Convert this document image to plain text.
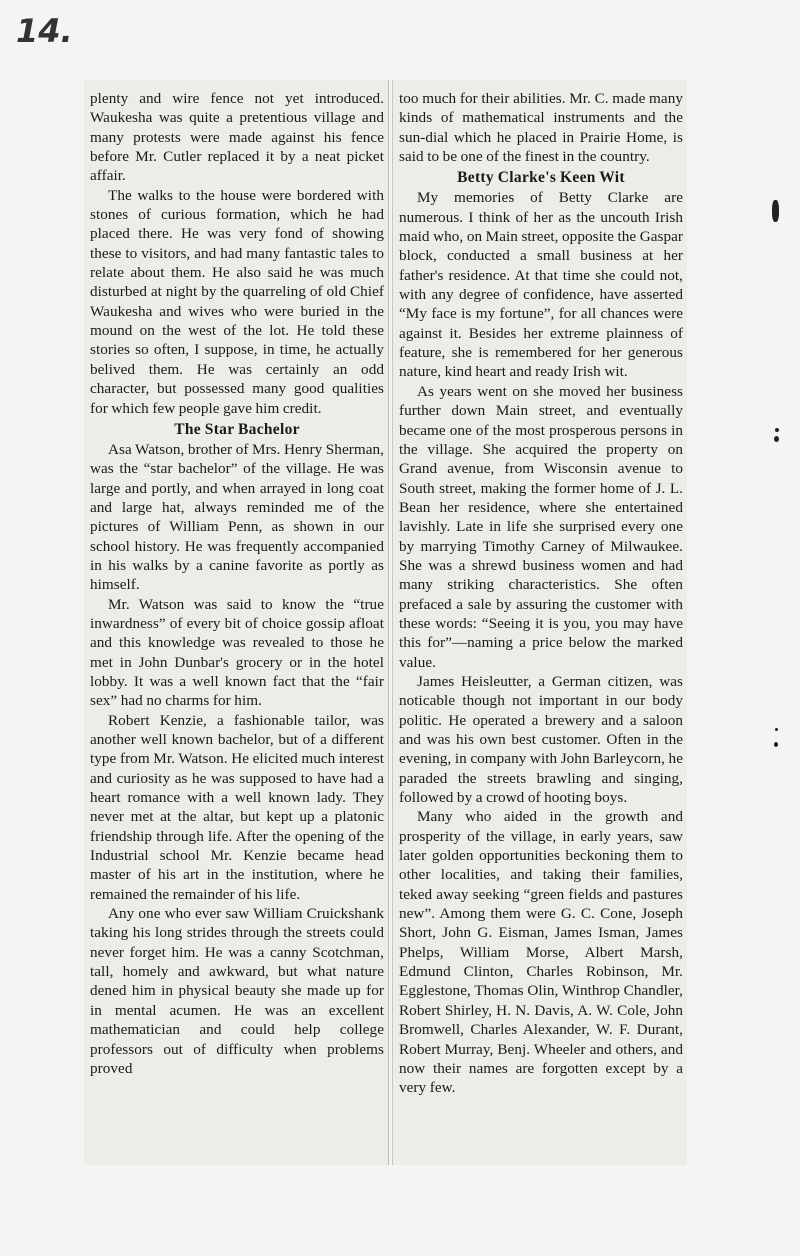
14.

plenty and wire fence not yet introduced. Waukesha was quite a pretentious village and many protests were made against his fence before Mr. Cutler replaced it by a neat picket affair.

The walks to the house were bordered with stones of curious formation, which he had placed there. He was very fond of showing these to visitors, and had many fantastic tales to relate about them. He also said he was much disturbed at night by the quarreling of old Chief Waukesha and wives who were buried in the mound on the west of the lot. He told these stories so often, I suppose, in time, he actually belived them. He was certainly an odd character, but possessed many good qualities for which few people gave him credit.

The Star Bachelor

Asa Watson, brother of Mrs. Henry Sherman, was the “star bachelor” of the village. He was large and portly, and when arrayed in long coat and large hat, always reminded me of the pictures of William Penn, as shown in our school history. He was frequently accompanied in his walks by a canine favorite as portly as himself.

Mr. Watson was said to know the “true inwardness” of every bit of choice gossip afloat and this knowledge was revealed to those he met in John Dunbar's grocery or in the hotel lobby. It was a well known fact that the “fair sex” had no charms for him.

Robert Kenzie, a fashionable tailor, was another well known bachelor, but of a different type from Mr. Watson. He elicited much interest and curiosity as he was supposed to have had a heart romance with a well known lady. They never met at the altar, but kept up a platonic friendship through life. After the opening of the Industrial school Mr. Kenzie became head master of his art in the institution, where he remained the remainder of his life.

Any one who ever saw William Cruickshank taking his long strides through the streets could never forget him. He was a canny Scotchman, tall, homely and awkward, but what nature dened him in physical beauty she made up for in mental acumen. He was an excellent mathematician and could help college professors out of difficulty when problems proved

too much for their abilities. Mr. C. made many kinds of mathematical instruments and the sun-dial which he placed in Prairie Home, is said to be one of the finest in the country.

Betty Clarke's Keen Wit

My memories of Betty Clarke are numerous. I think of her as the uncouth Irish maid who, on Main street, opposite the Gaspar block, conducted a small business at her father's residence. At that time she could not, with any degree of confidence, have asserted “My face is my fortune”, for all chances were against it. Besides her extreme plainness of feature, she is remembered for her generous nature, kind heart and ready Irish wit.

As years went on she moved her business further down Main street, and eventually became one of the most prosperous persons in the village. She acquired the property on Grand avenue, from Wisconsin avenue to South street, making the former home of J. L. Bean her residence, where she entertained lavishly. Late in life she surprised every one by marrying Timothy Carney of Milwaukee. She was a shrewd business women and had many striking characteristics. She often prefaced a sale by assuring the customer with these words: “Seeing it is you, you may have this for”—naming a price below the marked value.

James Heisleutter, a German citizen, was noticable though not important in our body politic. He operated a brewery and a saloon and was his own best customer. Often in the evening, in company with John Barleycorn, he paraded the streets brawling and singing, followed by a crowd of hooting boys.

Many who aided in the growth and prosperity of the village, in early years, saw later golden opportunities beckoning them to other localities, and taking their families, teked away seeking “green fields and pastures new”. Among them were G. C. Cone, Joseph Short, John G. Eisman, James Isman, James Phelps, William Morse, Albert Marsh, Edmund Clinton, Charles Robinson, Mr. Egglestone, Thomas Olin, Winthrop Chandler, Robert Shirley, H. N. Davis, A. W. Cole, John Bromwell, Charles Alexander, W. F. Durant, Robert Murray, Benj. Wheeler and others, and now their names are forgotten except by a very few.
